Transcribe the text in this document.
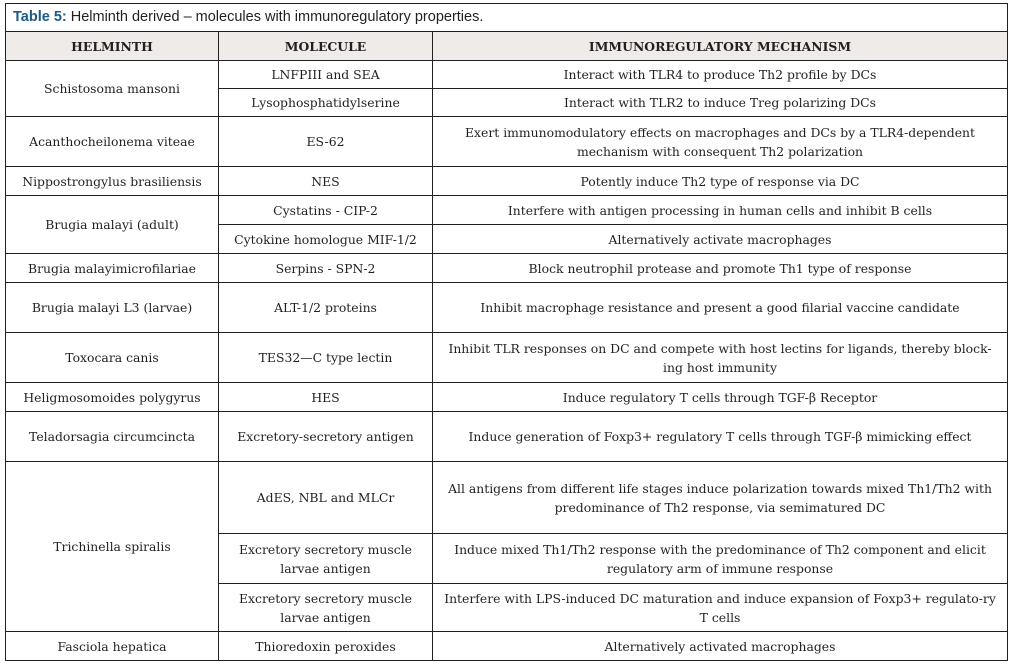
Table 5: Helminth derived – molecules with immunoregulatory properties.		
HELMINTH	MOLECULE	IMMUNOREGULATORY MECHANISM
Schistosoma mansoni	LNFPIII and SEA	Interact with TLR4 to produce Th2 profile by DCs
	Lysophosphatidylserine	Interact with TLR2 to induce Treg polarizing DCs
Acanthocheilonema viteae	ES-62	Exert immunomodulatory effects on macrophages and DCs by a TLR4-dependent mechanism with consequent Th2 polarization
Nippostrongylus brasiliensis	NES	Potently induce Th2 type of response via DC
Brugia malayi (adult)	Cystatins - CIP-2	Interfere with antigen processing in human cells and inhibit B cells
	Cytokine homologue MIF-1/2	Alternatively activate macrophages
Brugia malayimicrofilariae	Serpins - SPN-2	Block neutrophil protease and promote Th1 type of response
Brugia malayi L3 (larvae)	ALT-1/2 proteins	Inhibit macrophage resistance and present a good filarial vaccine candidate
Toxocara canis	TES32—C type lectin	Inhibit TLR responses on DC and compete with host lectins for ligands, thereby block-ing host immunity
Heligmosomoides polygyrus	HES	Induce regulatory T cells through TGF-β Receptor
Teladorsagia circumcincta	Excretory-secretory antigen	Induce generation of Foxp3+ regulatory T cells through TGF-β mimicking effect
Trichinella spiralis	AdES, NBL and MLCr	All antigens from different life stages induce polarization towards mixed Th1/Th2 with predominance of Th2 response, via semimatured DC
	Excretory secretory muscle larvae antigen	Induce mixed Th1/Th2 response with the predominance of Th2 component and elicit regulatory arm of immune response
	Excretory secretory muscle larvae antigen	Interfere with LPS-induced DC maturation and induce expansion of Foxp3+ regulato-ry T cells
Fasciola hepatica	Thioredoxin peroxides	Alternatively activated macrophages
